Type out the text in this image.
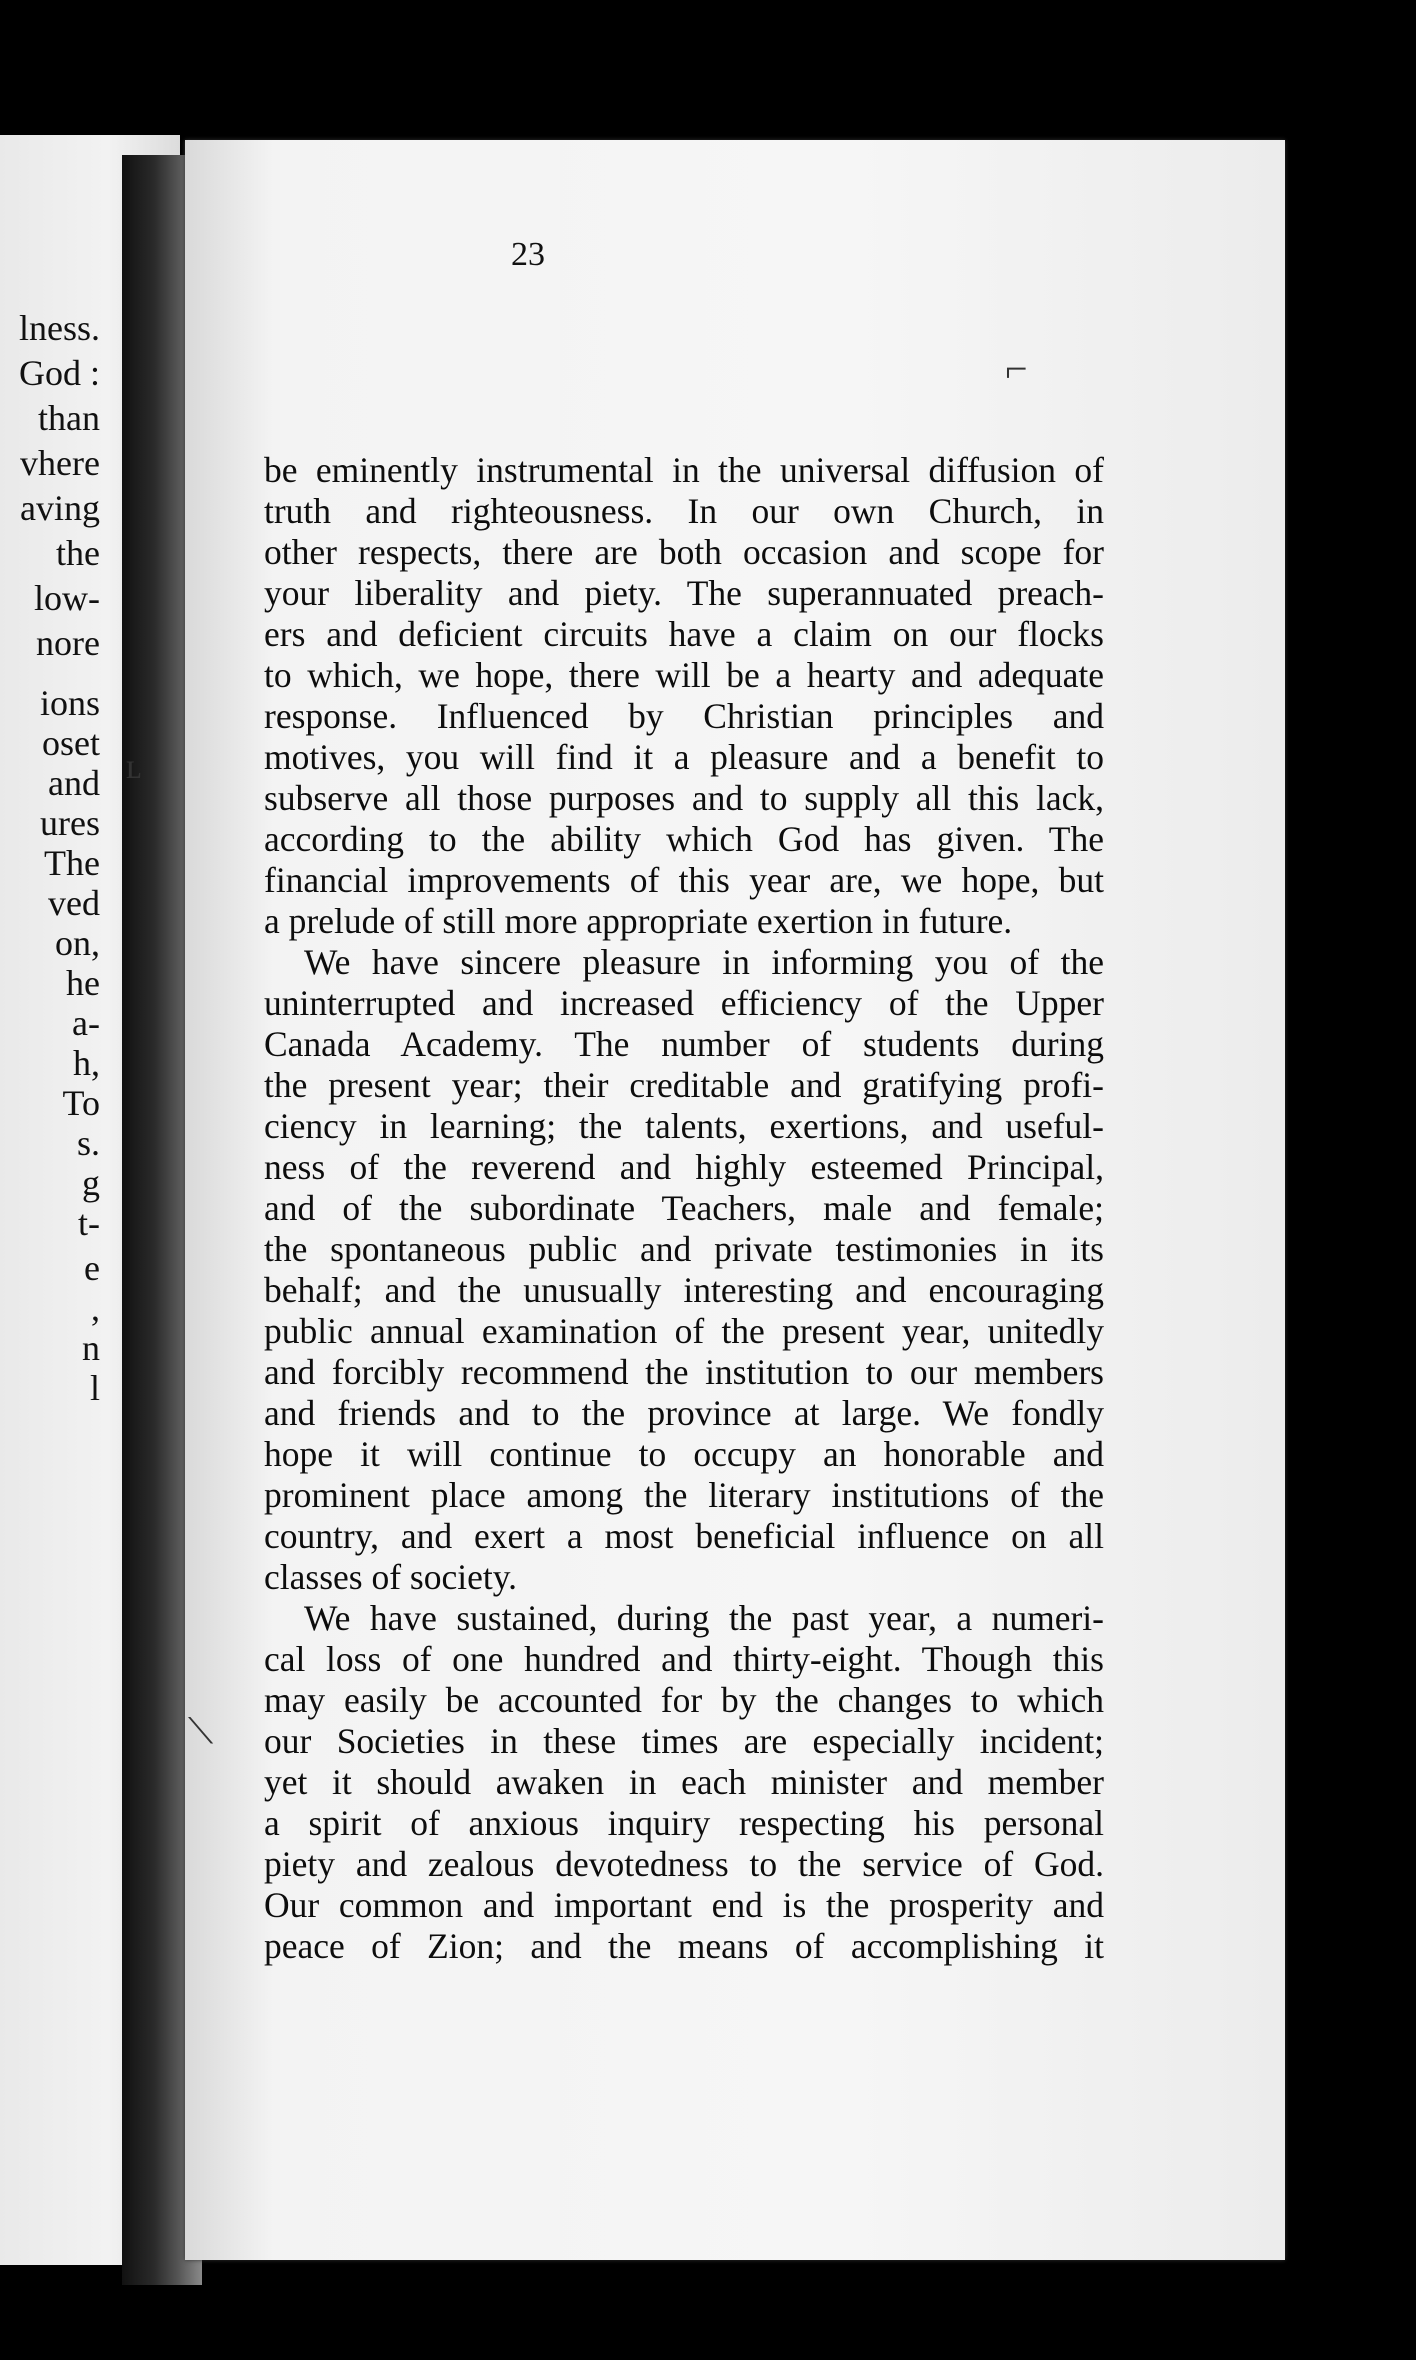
lness.
God :
than
vhere
aving
the
low-
nore
ions
oset
and
ures
The
ved
on,
he
a-
h,
To
s.
g
t-
e
,
n
l
23
be eminently instrumental in the universal diffusion of
truth and righteousness. In our own Church, in
other respects, there are both occasion and scope for
your liberality and piety. The superannuated preach-
ers and deficient circuits have a claim on our flocks
to which, we hope, there will be a hearty and adequate
response. Influenced by Christian principles and
motives, you will find it a pleasure and a benefit to
subserve all those purposes and to supply all this lack,
according to the ability which God has given. The
financial improvements of this year are, we hope, but
a prelude of still more appropriate exertion in future.
We have sincere pleasure in informing you of the
uninterrupted and increased efficiency of the Upper
Canada Academy. The number of students during
the present year; their creditable and gratifying profi-
ciency in learning; the talents, exertions, and useful-
ness of the reverend and highly esteemed Principal,
and of the subordinate Teachers, male and female;
the spontaneous public and private testimonies in its
behalf; and the unusually interesting and encouraging
public annual examination of the present year, unitedly
and forcibly recommend the institution to our members
and friends and to the province at large. We fondly
hope it will continue to occupy an honorable and
prominent place among the literary institutions of the
country, and exert a most beneficial influence on all
classes of society.
We have sustained, during the past year, a numeri-
cal loss of one hundred and thirty-eight. Though this
may easily be accounted for by the changes to which
our Societies in these times are especially incident;
yet it should awaken in each minister and member
a spirit of anxious inquiry respecting his personal
piety and zealous devotedness to the service of God.
Our common and important end is the prosperity and
peace of Zion; and the means of accomplishing it
⌐
ʟ
⟍
